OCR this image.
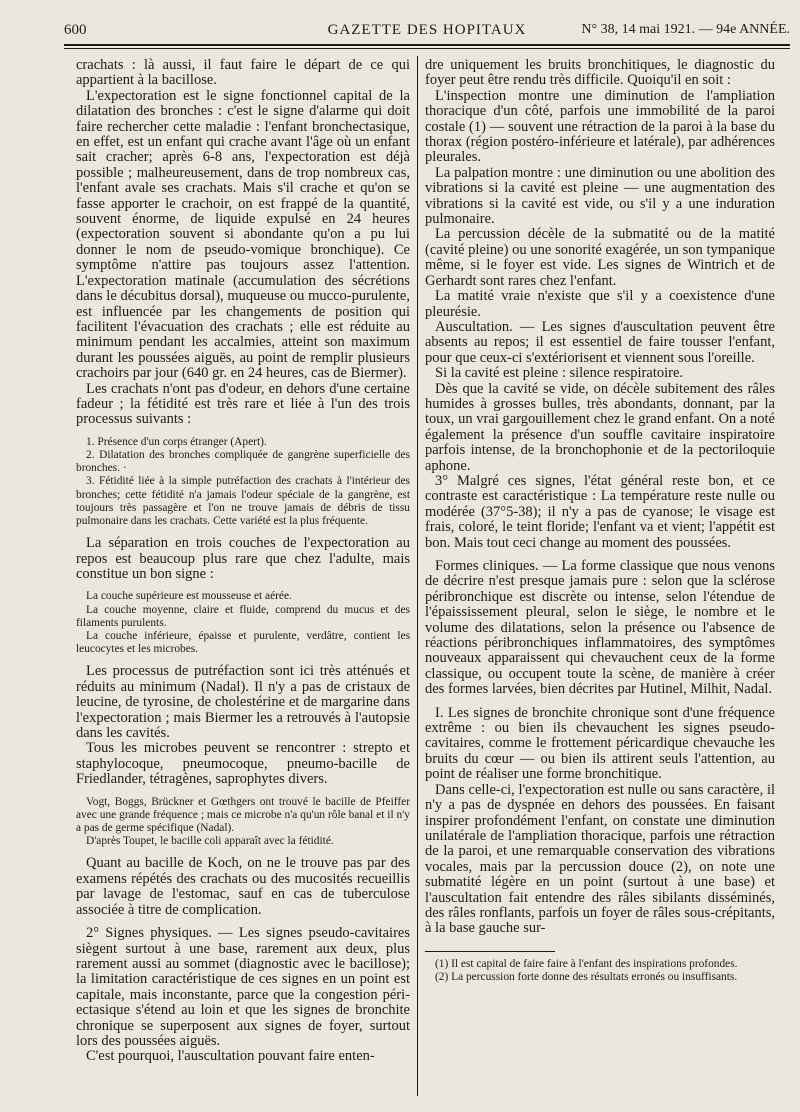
600	GAZETTE DES HOPITAUX	N° 38, 14 mai 1921. — 94e ANNÉE.

crachats : là aussi, il faut faire le départ de ce qui appartient à la bacillose.

L'expectoration est le signe fonctionnel capital de la dilatation des bronches : c'est le signe d'alarme qui doit faire rechercher cette maladie : l'enfant bronchectasique, en effet, est un enfant qui crache avant l'âge où un enfant sait cracher; après 6-8 ans, l'expectoration est déjà possible ; malheureusement, dans de trop nombreux cas, l'enfant avale ses crachats. Mais s'il crache et qu'on se fasse apporter le crachoir, on est frappé de la quantité, souvent énorme, de liquide expulsé en 24 heures (expectoration souvent si abondante qu'on a pu lui donner le nom de pseudo-vomique bronchique). Ce symptôme n'attire pas toujours assez l'attention. L'expectoration matinale (accumulation des sécrétions dans le décubitus dorsal), muqueuse ou mucco-purulente, est influencée par les changements de position qui facilitent l'évacuation des crachats ; elle est réduite au minimum pendant les accalmies, atteint son maximum durant les poussées aiguës, au point de remplir plusieurs crachoirs par jour (640 gr. en 24 heures, cas de Biermer).

Les crachats n'ont pas d'odeur, en dehors d'une certaine fadeur ; la fétidité est très rare et liée à l'un des trois processus suivants :

1. Présence d'un corps étranger (Apert).

2. Dilatation des bronches compliquée de gangrène superficielle des bronches. ·

3. Fétidité liée à la simple putréfaction des crachats à l'intérieur des bronches; cette fétidité n'a jamais l'odeur spéciale de la gangrène, est toujours très passagère et l'on ne trouve jamais de débris de tissu pulmonaire dans les crachats. Cette variété est la plus fréquente.

La séparation en trois couches de l'expectoration au repos est beaucoup plus rare que chez l'adulte, mais constitue un bon signe :

La couche supérieure est mousseuse et aérée.

La couche moyenne, claire et fluide, comprend du mucus et des filaments purulents.

La couche inférieure, épaisse et purulente, verdâtre, contient les leucocytes et les microbes.

Les processus de putréfaction sont ici très atténués et réduits au minimum (Nadal). Il n'y a pas de cristaux de leucine, de tyrosine, de cholestérine et de margarine dans l'expectoration ; mais Biermer les a retrouvés à l'autopsie dans les cavités.

Tous les microbes peuvent se rencontrer : strepto et staphylocoque, pneumocoque, pneumo-bacille de Friedlander, tétragènes, saprophytes divers.

Vogt, Boggs, Brückner et Gœthgers ont trouvé le bacille de Pfeiffer avec une grande fréquence ; mais ce microbe n'a qu'un rôle banal et il n'y a pas de germe spécifique (Nadal).

D'après Toupet, le bacille coli apparaît avec la fétidité.

Quant au bacille de Koch, on ne le trouve pas par des examens répétés des crachats ou des mucosités recueillis par lavage de l'estomac, sauf en cas de tuberculose associée à titre de complication.

2° Signes physiques. — Les signes pseudo-cavitaires siègent surtout à une base, rarement aux deux, plus rarement aussi au sommet (diagnostic avec le bacillose); la limitation caractéristique de ces signes en un point est capitale, mais inconstante, parce que la congestion péri-ectasique s'étend au loin et que les signes de bronchite chronique se superposent aux signes de foyer, surtout lors des poussées aiguës.

C'est pourquoi, l'auscultation pouvant faire enten-

dre uniquement les bruits bronchitiques, le diagnostic du foyer peut être rendu très difficile. Quoiqu'il en soit :

L'inspection montre une diminution de l'ampliation thoracique d'un côté, parfois une immobilité de la paroi costale (1) — souvent une rétraction de la paroi à la base du thorax (région postéro-inférieure et latérale), par adhérences pleurales.

La palpation montre : une diminution ou une abolition des vibrations si la cavité est pleine — une augmentation des vibrations si la cavité est vide, ou s'il y a une induration pulmonaire.

La percussion décèle de la submatité ou de la matité (cavité pleine) ou une sonorité exagérée, un son tympanique même, si le foyer est vide. Les signes de Wintrich et de Gerhardt sont rares chez l'enfant.

La matité vraie n'existe que s'il y a coexistence d'une pleurésie.

Auscultation. — Les signes d'auscultation peuvent être absents au repos; il est essentiel de faire tousser l'enfant, pour que ceux-ci s'extériorisent et viennent sous l'oreille.

Si la cavité est pleine : silence respiratoire.

Dès que la cavité se vide, on décèle subitement des râles humides à grosses bulles, très abondants, donnant, par la toux, un vrai gargouillement chez le grand enfant. On a noté également la présence d'un souffle cavitaire inspiratoire parfois intense, de la bronchophonie et de la pectoriloquie aphone.

3° Malgré ces signes, l'état général reste bon, et ce contraste est caractéristique : La température reste nulle ou modérée (37°5-38); il n'y a pas de cyanose; le visage est frais, coloré, le teint floride; l'enfant va et vient; l'appétit est bon. Mais tout ceci change au moment des poussées.

Formes cliniques. — La forme classique que nous venons de décrire n'est presque jamais pure : selon que la sclérose péribronchique est discrète ou intense, selon l'étendue de l'épaississement pleural, selon le siège, le nombre et le volume des dilatations, selon la présence ou l'absence de réactions péribronchiques inflammatoires, des symptômes nouveaux apparaissent qui chevauchent ceux de la forme classique, ou occupent toute la scène, de manière à créer des formes larvées, bien décrites par Hutinel, Milhit, Nadal.

I. Les signes de bronchite chronique sont d'une fréquence extrême : ou bien ils chevauchent les signes pseudo-cavitaires, comme le frottement péricardique chevauche les bruits du cœur — ou bien ils attirent seuls l'attention, au point de réaliser une forme bronchitique.

Dans celle-ci, l'expectoration est nulle ou sans caractère, il n'y a pas de dyspnée en dehors des poussées. En faisant inspirer profondément l'enfant, on constate une diminution unilatérale de l'ampliation thoracique, parfois une rétraction de la paroi, et une remarquable conservation des vibrations vocales, mais par la percussion douce (2), on note une submatité légère en un point (surtout à une base) et l'auscultation fait entendre des râles sibilants disséminés, des râles ronflants, parfois un foyer de râles sous-crépitants, à la base gauche sur-

(1) Il est capital de faire faire à l'enfant des inspirations profondes.

(2) La percussion forte donne des résultats erronés ou insuffisants.
